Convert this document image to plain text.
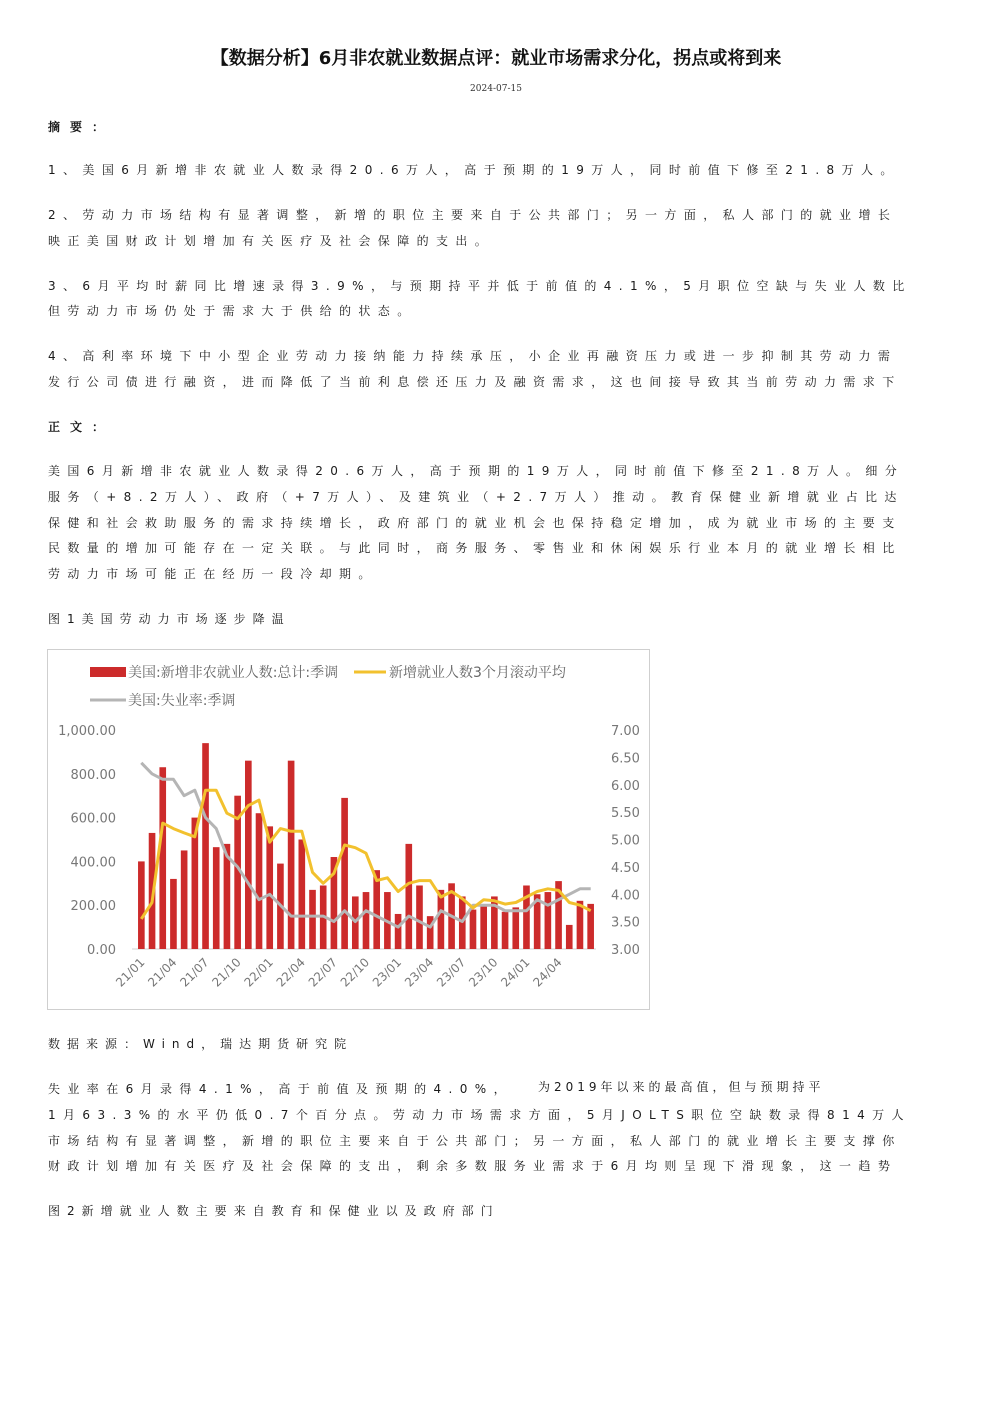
【数据分析】6月非农就业数据点评：就业市场需求分化，拐点或将到来
2024-07-15
摘要：
1、美国6月新增非农就业人数录得20.6万人，高于预期的19万人，同时前值下修至21.8万人。
2、劳动力市场结构有显著调整，新增的职位主要来自于公共部门；另一方面，私人部门的就业增长
映正美国财政计划增加有关医疗及社会保障的支出。
3、6月平均时薪同比增速录得3.9%，与预期持平并低于前值的4.1%，5月职位空缺与失业人数比
但劳动力市场仍处于需求大于供给的状态。
4、高利率环境下中小型企业劳动力接纳能力持续承压，小企业再融资压力或进一步抑制其劳动力需
发行公司债进行融资，进而降低了当前利息偿还压力及融资需求，这也间接导致其当前劳动力需求下
正文：
美国6月新增非农就业人数录得20.6万人，高于预期的19万人，同时前值下修至21.8万人。细分
服务（+8.2万人）、政府（+7万人）、及建筑业（+2.7万人）推动。教育保健业新增就业占比达
保健和社会救助服务的需求持续增长，政府部门的就业机会也保持稳定增加，成为就业市场的主要支
民数量的增加可能存在一定关联。与此同时，商务服务、零售业和休闲娱乐行业本月的就业增长相比
劳动力市场可能正在经历一段冷却期。
图1美国劳动力市场逐步降温
美国:新增非农就业人数:总计:季调	新增就业人数3个月滚动平均
美国:失业率:季调
1,000.00
800.00
600.00
400.00
200.00
0.00
7.00
6.50
6.00
5.50
5.00
4.50
4.00
3.50
3.00
21/01
21/04
21/07
21/10
22/01
22/04
22/07
22/10
23/01
23/04
23/07
23/10
24/01
24/04
数据来源：Wind，瑞达期货研究院
失业率在6月录得4.1%，高于前值及预期的4.0%，	为2019年以来的最高值，但与预期持平
1月63.3%的水平仍低0.7个百分点。劳动力市场需求方面，5月JOLTS职位空缺数录得814万人
市场结构有显著调整，新增的职位主要来自于公共部门；另一方面，私人部门的就业增长主要支撑你
财政计划增加有关医疗及社会保障的支出，剩余多数服务业需求于6月均则呈现下滑现象，这一趋势
图2新增就业人数主要来自教育和保健业以及政府部门
